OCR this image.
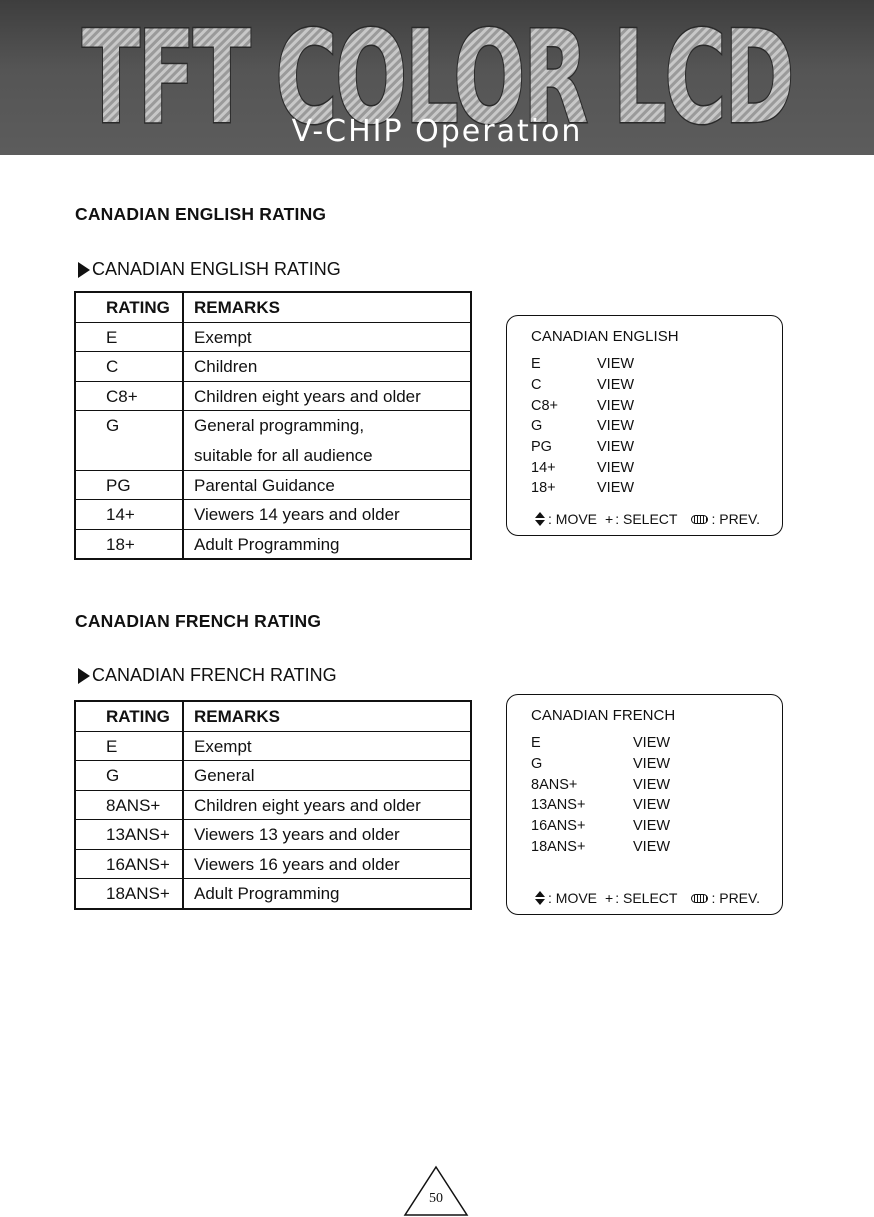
TFT COLOR LCD
V-CHIP Operation
CANADIAN ENGLISH RATING
CANADIAN ENGLISH RATING
RATING	REMARKS
E	Exempt
C	Children
C8+	Children eight years and older
G	General programming,
suitable for all audience
PG	Parental Guidance
14+	Viewers 14 years and older
18+	Adult Programming
CANADIAN ENGLISH
E	VIEW
C	VIEW
C8+	VIEW
G	VIEW
PG	VIEW
14+	VIEW
18+	VIEW
: MOVE + : SELECT : PREV.
CANADIAN FRENCH RATING
CANADIAN FRENCH RATING
RATING	REMARKS
E	Exempt
G	General
8ANS+	Children eight years and older
13ANS+ Viewers 13 years and older
16ANS+ Viewers 16 years and older
18ANS+ Adult Programming
CANADIAN FRENCH
E	VIEW
G	VIEW
8ANS+	VIEW
13ANS+	VIEW
16ANS+	VIEW
18ANS+	VIEW
: MOVE + : SELECT : PREV.
50
